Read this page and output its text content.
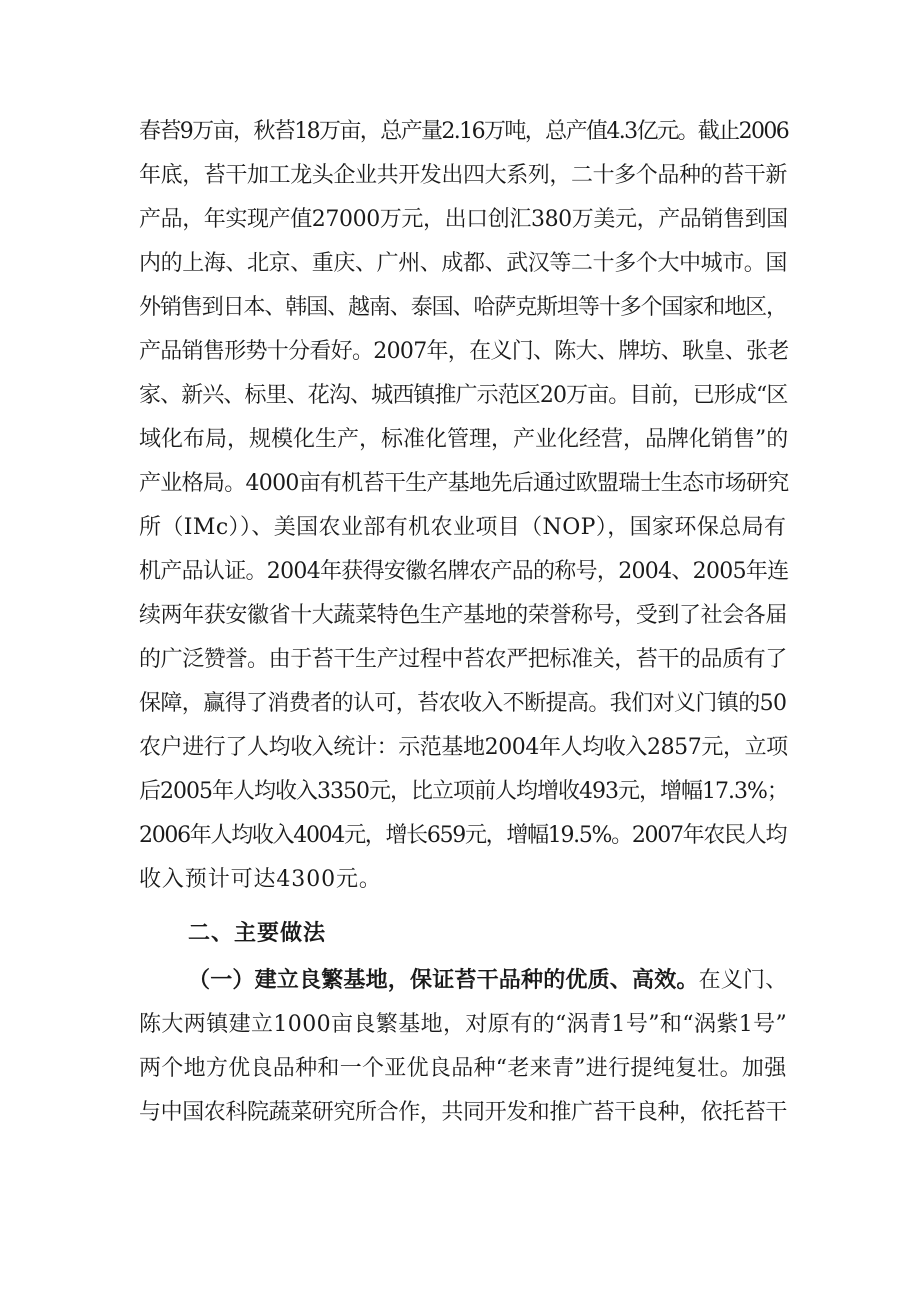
春苔9万亩，秋苔18万亩，总产量2.16万吨，总产值4.3亿元。截止2006
年底，苔干加工龙头企业共开发出四大系列，二十多个品种的苔干新
产品，年实现产值27000万元，出口创汇380万美元，产品销售到国
内的上海、北京、重庆、广州、成都、武汉等二十多个大中城市。国
外销售到日本、韩国、越南、泰国、哈萨克斯坦等十多个国家和地区，
产品销售形势十分看好。2007年，在义门、陈大、牌坊、耿皇、张老
家、新兴、标里、花沟、城西镇推广示范区20万亩。目前，已形成“区
域化布局，规模化生产，标准化管理，产业化经营，品牌化销售”的
产业格局。4000亩有机苔干生产基地先后通过欧盟瑞士生态市场研究
所（IMc））、美国农业部有机农业项目（NOP），国家环保总局有
机产品认证。2004年获得安徽名牌农产品的称号，2004、2005年连
续两年获安徽省十大蔬菜特色生产基地的荣誉称号，受到了社会各届
的广泛赞誉。由于苔干生产过程中苔农严把标准关，苔干的品质有了
保障，赢得了消费者的认可，苔农收入不断提高。我们对义门镇的50
农户进行了人均收入统计：示范基地2004年人均收入2857元，立项
后2005年人均收入3350元，比立项前人均增收493元，增幅17.3%；
2006年人均收入4004元，增长659元，增幅19.5%。2007年农民人均
收入预计可达4300元。
二、主要做法
（一）建立良繁基地，保证苔干品种的优质、高效。在义门、
陈大两镇建立1000亩良繁基地，对原有的“涡青1号”和“涡紫1号”
两个地方优良品种和一个亚优良品种“老来青”进行提纯复壮。加强
与中国农科院蔬菜研究所合作，共同开发和推广苔干良种，依托苔干
